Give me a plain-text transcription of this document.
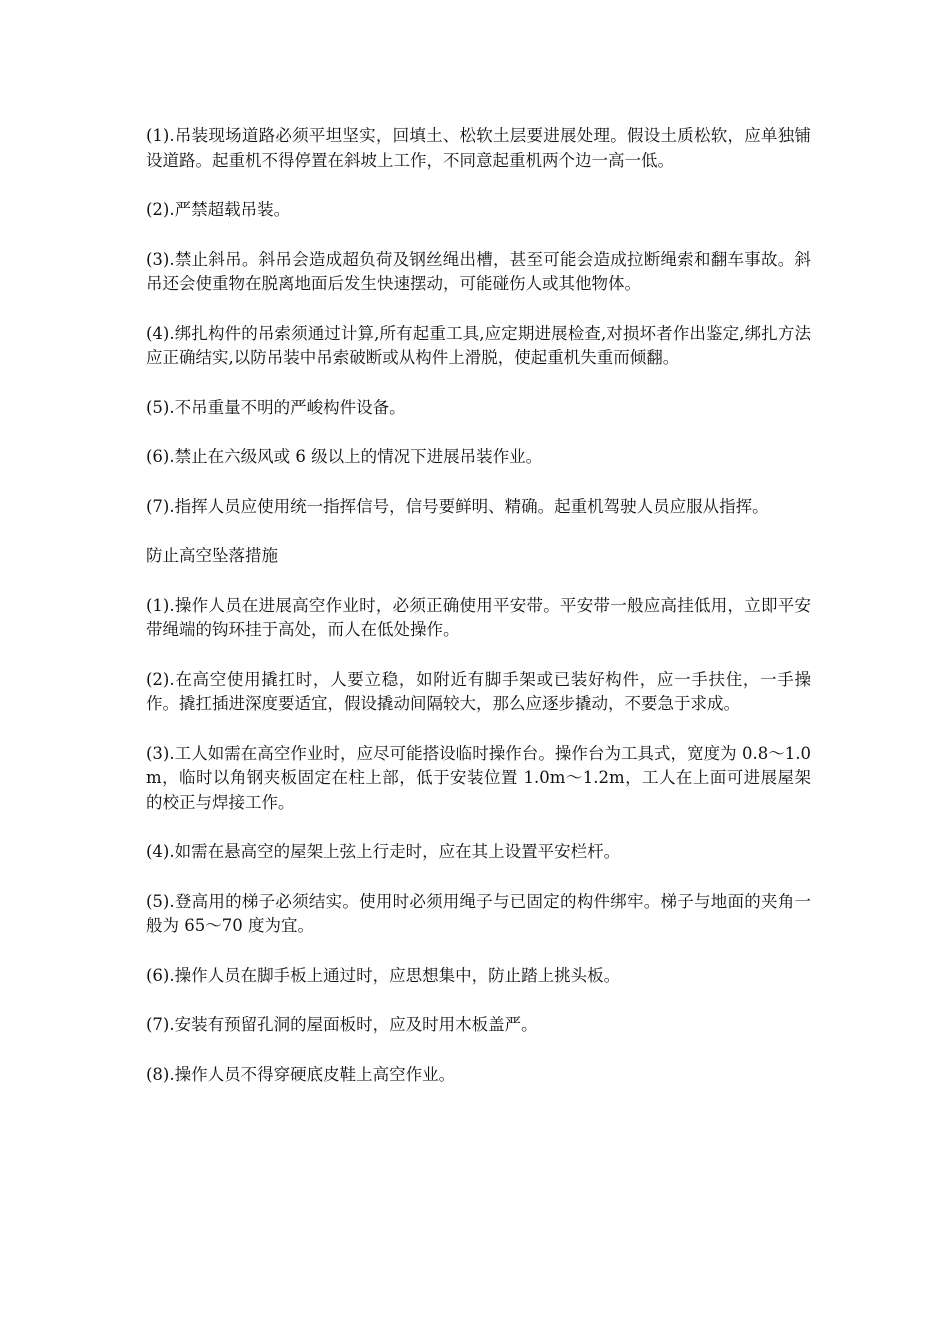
(1).吊装现场道路必须平坦坚实，回填土、松软土层要进展处理。假设土质松软，应单独铺设道路。起重机不得停置在斜坡上工作，不同意起重机两个边一高一低。

(2).严禁超载吊装。

(3).禁止斜吊。斜吊会造成超负荷及钢丝绳出槽，甚至可能会造成拉断绳索和翻车事故。斜吊还会使重物在脱离地面后发生快速摆动，可能碰伤人或其他物体。

(4).绑扎构件的吊索须通过计算,所有起重工具,应定期进展检查,对损坏者作出鉴定,绑扎方法应正确结实,以防吊装中吊索破断或从构件上滑脱，使起重机失重而倾翻。

(5).不吊重量不明的严峻构件设备。

(6).禁止在六级风或 6 级以上的情况下进展吊装作业。

(7).指挥人员应使用统一指挥信号，信号要鲜明、精确。起重机驾驶人员应服从指挥。

防止高空坠落措施

(1).操作人员在进展高空作业时，必须正确使用平安带。平安带一般应高挂低用，立即平安带绳端的钩环挂于高处，而人在低处操作。

(2).在高空使用撬扛时，人要立稳，如附近有脚手架或已装好构件，应一手扶住，一手操作。撬扛插进深度要适宜，假设撬动间隔较大，那么应逐步撬动，不要急于求成。

(3).工人如需在高空作业时，应尽可能搭设临时操作台。操作台为工具式，宽度为 0.8～1.0 m，临时以角钢夹板固定在柱上部，低于安装位置 1.0m～1.2m，工人在上面可进展屋架的校正与焊接工作。

(4).如需在悬高空的屋架上弦上行走时，应在其上设置平安栏杆。

(5).登高用的梯子必须结实。使用时必须用绳子与已固定的构件绑牢。梯子与地面的夹角一般为 65～70 度为宜。

(6).操作人员在脚手板上通过时，应思想集中，防止踏上挑头板。

(7).安装有预留孔洞的屋面板时，应及时用木板盖严。

(8).操作人员不得穿硬底皮鞋上高空作业。
